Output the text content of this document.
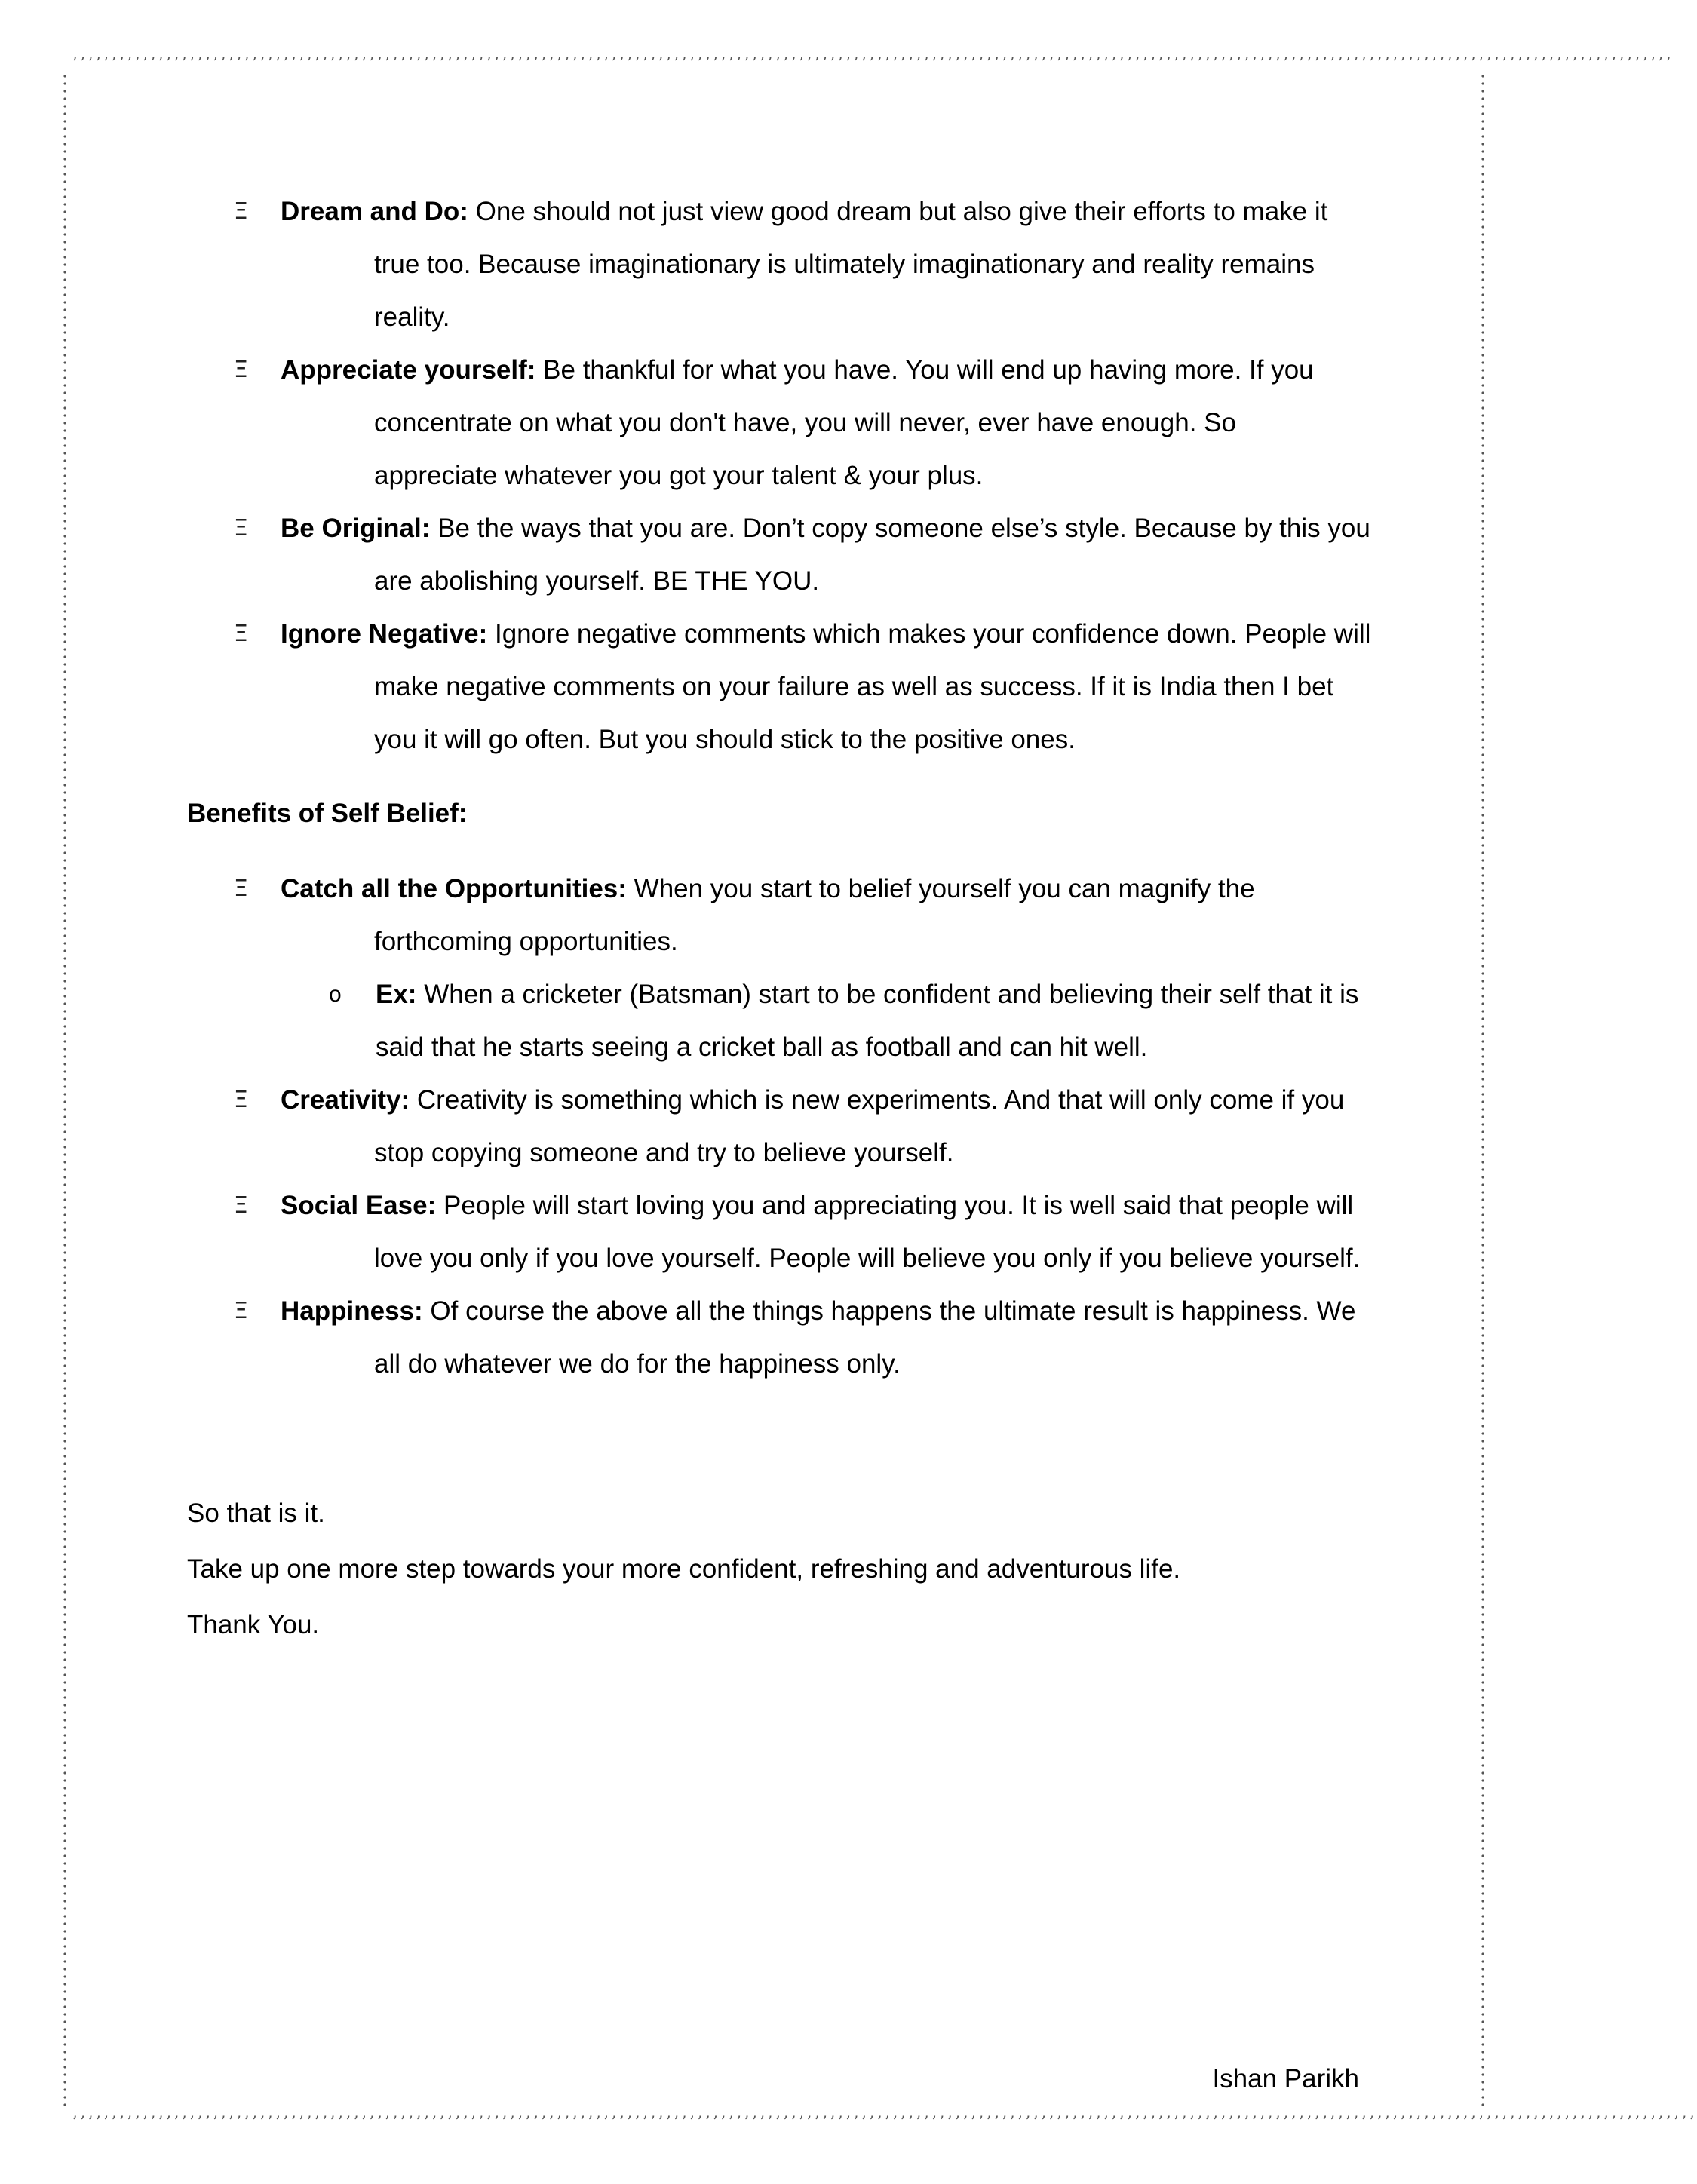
’’’’’’’’’’’’’’’’’’’’’’’’’’’’’’’’’’’’’’’’’’’’’’’’’’’’’’’’’’’’’’’’’’’’’’’’’’’’’’’’’’’’’’’’’’’’’’’’’’’’’’’’’’’’’’’’’’’’’’’’’’’’’’’’’’’’’’’’’’’’’’’’’’’’’’’’’’’’’’’’’’’’’’’’’’’’’’’’’’’’’’’’’’’’’’’’’’’’’’’’’’’’’
’’’’’’’’’’’’’’’’’’’’’’’’’’’’’’’’’’’’’’’’’’’’’’’’’’’’’’’’’’’’’’’’’’’’’’’’’’’’’’’’’’’’’’’’’’’’’’’’’’’’’’’’’’’’’’’’’’’’’’’’’’’’’’’’’’’’’’’’’’’’’’’’’’’’’’’’’’’’’’’’’’’’’’’’’’’’’’’’’’’’’’’’’’’’’’’’’’’’’’’’’’’’’’’’
Ξ Dream and Do: One should not just view good dream but also give their efforts to make it
true too. Because imaginationary is ultimately imaginationary and reality remains
reality.
Ξ Appreciate yourself: Be thankful for what you have. You will end up having more. If you
concentrate on what you don't have, you will never, ever have enough. So
appreciate whatever you got your talent & your plus.
Ξ Be Original: Be the ways that you are. Don’t copy someone else’s style. Because by this you
are abolishing yourself. BE THE YOU.
Ξ Ignore Negative: Ignore negative comments which makes your confidence down. People will
make negative comments on your failure as well as success. If it is India then I bet
you it will go often. But you should stick to the positive ones.
Benefits of Self Belief:
Ξ Catch all the Opportunities: When you start to belief yourself you can magnify the
forthcoming opportunities.
o Ex: When a cricketer (Batsman) start to be confident and believing their self that it is
said that he starts seeing a cricket ball as football and can hit well.
Ξ Creativity: Creativity is something which is new experiments. And that will only come if you
stop copying someone and try to believe yourself.
Ξ Social Ease: People will start loving you and appreciating you. It is well said that people will
love you only if you love yourself. People will believe you only if you believe yourself.
Ξ Happiness: Of course the above all the things happens the ultimate result is happiness. We
all do whatever we do for the happiness only.
So that is it.
Take up one more step towards your more confident, refreshing and adventurous life.
Thank You.
Ishan Parikh
